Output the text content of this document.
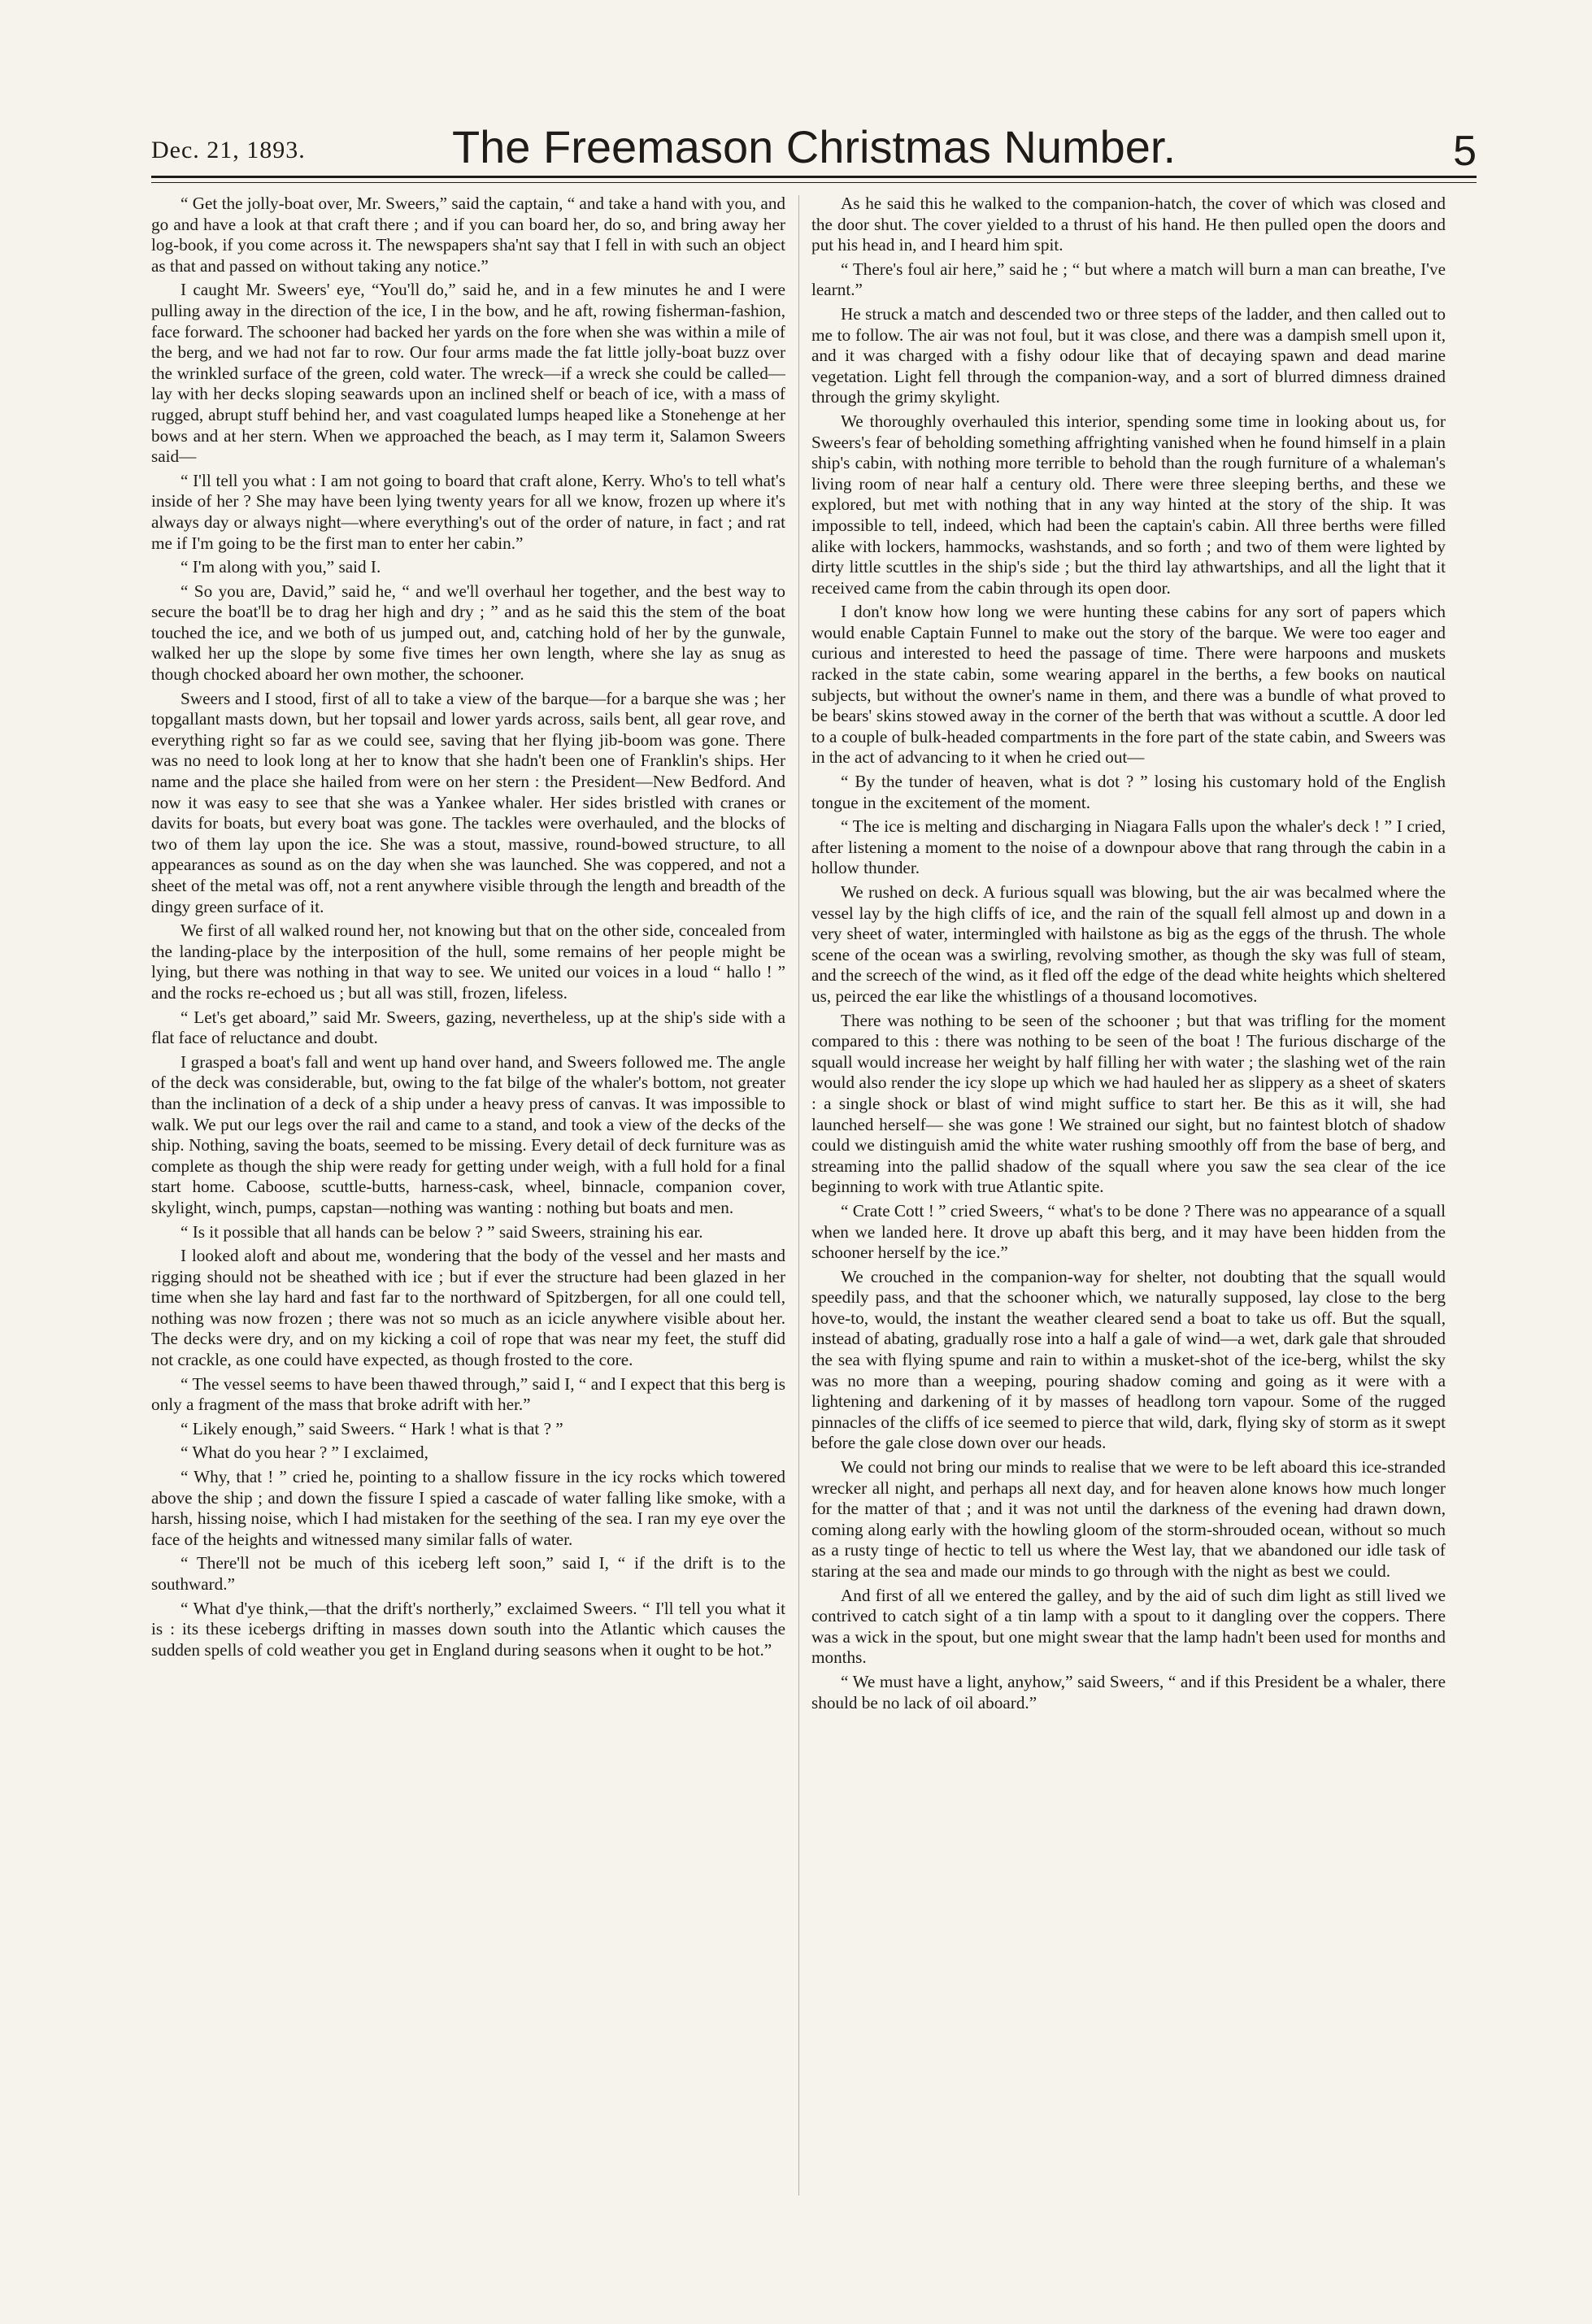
Dec. 21, 1893.	The Freemason Christmas Number.	5

“ Get the jolly-boat over, Mr. Sweers,” said the captain, “ and take a hand with you, and go and have a look at that craft there ; and if you can board her, do so, and bring away her log-book, if you come across it. The newspapers sha'nt say that I fell in with such an object as that and passed on without taking any notice.”

I caught Mr. Sweers' eye, “You'll do,” said he, and in a few minutes he and I were pulling away in the direction of the ice, I in the bow, and he aft, rowing fisherman-fashion, face forward. The schooner had backed her yards on the fore when she was within a mile of the berg, and we had not far to row. Our four arms made the fat little jolly-boat buzz over the wrinkled surface of the green, cold water. The wreck—if a wreck she could be called—lay with her decks sloping seawards upon an inclined shelf or beach of ice, with a mass of rugged, abrupt stuff behind her, and vast coagulated lumps heaped like a Stonehenge at her bows and at her stern. When we approached the beach, as I may term it, Salamon Sweers said—

“ I'll tell you what : I am not going to board that craft alone, Kerry. Who's to tell what's inside of her ? She may have been lying twenty years for all we know, frozen up where it's always day or always night—where everything's out of the order of nature, in fact ; and rat me if I'm going to be the first man to enter her cabin.”

“ I'm along with you,” said I.

“ So you are, David,” said he, “ and we'll overhaul her together, and the best way to secure the boat'll be to drag her high and dry ; ” and as he said this the stem of the boat touched the ice, and we both of us jumped out, and, catching hold of her by the gunwale, walked her up the slope by some five times her own length, where she lay as snug as though chocked aboard her own mother, the schooner.

Sweers and I stood, first of all to take a view of the barque—for a barque she was ; her topgallant masts down, but her topsail and lower yards across, sails bent, all gear rove, and everything right so far as we could see, saving that her flying jib-boom was gone. There was no need to look long at her to know that she hadn't been one of Franklin's ships. Her name and the place she hailed from were on her stern : the President—New Bedford. And now it was easy to see that she was a Yankee whaler. Her sides bristled with cranes or davits for boats, but every boat was gone. The tackles were overhauled, and the blocks of two of them lay upon the ice. She was a stout, massive, round-bowed structure, to all appearances as sound as on the day when she was launched. She was coppered, and not a sheet of the metal was off, not a rent anywhere visible through the length and breadth of the dingy green surface of it.

We first of all walked round her, not knowing but that on the other side, concealed from the landing-place by the interposition of the hull, some remains of her people might be lying, but there was nothing in that way to see. We united our voices in a loud “ hallo ! ” and the rocks re-echoed us ; but all was still, frozen, lifeless.

“ Let's get aboard,” said Mr. Sweers, gazing, nevertheless, up at the ship's side with a flat face of reluctance and doubt.

I grasped a boat's fall and went up hand over hand, and Sweers followed me. The angle of the deck was considerable, but, owing to the fat bilge of the whaler's bottom, not greater than the inclination of a deck of a ship under a heavy press of canvas. It was impossible to walk. We put our legs over the rail and came to a stand, and took a view of the decks of the ship. Nothing, saving the boats, seemed to be missing. Every detail of deck furniture was as complete as though the ship were ready for getting under weigh, with a full hold for a final start home. Caboose, scuttle-butts, harness-cask, wheel, binnacle, companion cover, skylight, winch, pumps, capstan—nothing was wanting : nothing but boats and men.

“ Is it possible that all hands can be below ? ” said Sweers, straining his ear.

I looked aloft and about me, wondering that the body of the vessel and her masts and rigging should not be sheathed with ice ; but if ever the structure had been glazed in her time when she lay hard and fast far to the northward of Spitzbergen, for all one could tell, nothing was now frozen ; there was not so much as an icicle anywhere visible about her. The decks were dry, and on my kicking a coil of rope that was near my feet, the stuff did not crackle, as one could have expected, as though frosted to the core.

“ The vessel seems to have been thawed through,” said I, “ and I expect that this berg is only a fragment of the mass that broke adrift with her.”

“ Likely enough,” said Sweers. “ Hark ! what is that ? ”

“ What do you hear ? ” I exclaimed,

“ Why, that ! ” cried he, pointing to a shallow fissure in the icy rocks which towered above the ship ; and down the fissure I spied a cascade of water falling like smoke, with a harsh, hissing noise, which I had mistaken for the seething of the sea. I ran my eye over the face of the heights and witnessed many similar falls of water.

“ There'll not be much of this iceberg left soon,” said I, “ if the drift is to the southward.”

“ What d'ye think,—that the drift's northerly,” exclaimed Sweers. “ I'll tell you what it is : its these icebergs drifting in masses down south into the Atlantic which causes the sudden spells of cold weather you get in England during seasons when it ought to be hot.”

As he said this he walked to the companion-hatch, the cover of which was closed and the door shut. The cover yielded to a thrust of his hand. He then pulled open the doors and put his head in, and I heard him spit.

“ There's foul air here,” said he ; “ but where a match will burn a man can breathe, I've learnt.”

He struck a match and descended two or three steps of the ladder, and then called out to me to follow. The air was not foul, but it was close, and there was a dampish smell upon it, and it was charged with a fishy odour like that of decaying spawn and dead marine vegetation. Light fell through the companion-way, and a sort of blurred dimness drained through the grimy skylight.

We thoroughly overhauled this interior, spending some time in looking about us, for Sweers's fear of beholding something affrighting vanished when he found himself in a plain ship's cabin, with nothing more terrible to behold than the rough furniture of a whaleman's living room of near half a century old. There were three sleeping berths, and these we explored, but met with nothing that in any way hinted at the story of the ship. It was impossible to tell, indeed, which had been the captain's cabin. All three berths were filled alike with lockers, hammocks, washstands, and so forth ; and two of them were lighted by dirty little scuttles in the ship's side ; but the third lay athwartships, and all the light that it received came from the cabin through its open door.

I don't know how long we were hunting these cabins for any sort of papers which would enable Captain Funnel to make out the story of the barque. We were too eager and curious and interested to heed the passage of time. There were harpoons and muskets racked in the state cabin, some wearing apparel in the berths, a few books on nautical subjects, but without the owner's name in them, and there was a bundle of what proved to be bears' skins stowed away in the corner of the berth that was without a scuttle. A door led to a couple of bulk-headed compartments in the fore part of the state cabin, and Sweers was in the act of advancing to it when he cried out—

“ By the tunder of heaven, what is dot ? ” losing his customary hold of the English tongue in the excitement of the moment.

“ The ice is melting and discharging in Niagara Falls upon the whaler's deck ! ” I cried, after listening a moment to the noise of a downpour above that rang through the cabin in a hollow thunder.

We rushed on deck. A furious squall was blowing, but the air was becalmed where the vessel lay by the high cliffs of ice, and the rain of the squall fell almost up and down in a very sheet of water, intermingled with hailstone as big as the eggs of the thrush. The whole scene of the ocean was a swirling, revolving smother, as though the sky was full of steam, and the screech of the wind, as it fled off the edge of the dead white heights which sheltered us, peirced the ear like the whistlings of a thousand locomotives.

There was nothing to be seen of the schooner ; but that was trifling for the moment compared to this : there was nothing to be seen of the boat ! The furious discharge of the squall would increase her weight by half filling her with water ; the slashing wet of the rain would also render the icy slope up which we had hauled her as slippery as a sheet of skaters : a single shock or blast of wind might suffice to start her. Be this as it will, she had launched herself— she was gone ! We strained our sight, but no faintest blotch of shadow could we distinguish amid the white water rushing smoothly off from the base of berg, and streaming into the pallid shadow of the squall where you saw the sea clear of the ice beginning to work with true Atlantic spite.

“ Crate Cott ! ” cried Sweers, “ what's to be done ? There was no appearance of a squall when we landed here. It drove up abaft this berg, and it may have been hidden from the schooner herself by the ice.”

We crouched in the companion-way for shelter, not doubting that the squall would speedily pass, and that the schooner which, we naturally supposed, lay close to the berg hove-to, would, the instant the weather cleared send a boat to take us off. But the squall, instead of abating, gradually rose into a half a gale of wind—a wet, dark gale that shrouded the sea with flying spume and rain to within a musket-shot of the ice-berg, whilst the sky was no more than a weeping, pouring shadow coming and going as it were with a lightening and darkening of it by masses of headlong torn vapour. Some of the rugged pinnacles of the cliffs of ice seemed to pierce that wild, dark, flying sky of storm as it swept before the gale close down over our heads.

We could not bring our minds to realise that we were to be left aboard this ice-stranded wrecker all night, and perhaps all next day, and for heaven alone knows how much longer for the matter of that ; and it was not until the darkness of the evening had drawn down, coming along early with the howling gloom of the storm-shrouded ocean, without so much as a rusty tinge of hectic to tell us where the West lay, that we abandoned our idle task of staring at the sea and made our minds to go through with the night as best we could.

And first of all we entered the galley, and by the aid of such dim light as still lived we contrived to catch sight of a tin lamp with a spout to it dangling over the coppers. There was a wick in the spout, but one might swear that the lamp hadn't been used for months and months.

“ We must have a light, anyhow,” said Sweers, “ and if this President be a whaler, there should be no lack of oil aboard.”
